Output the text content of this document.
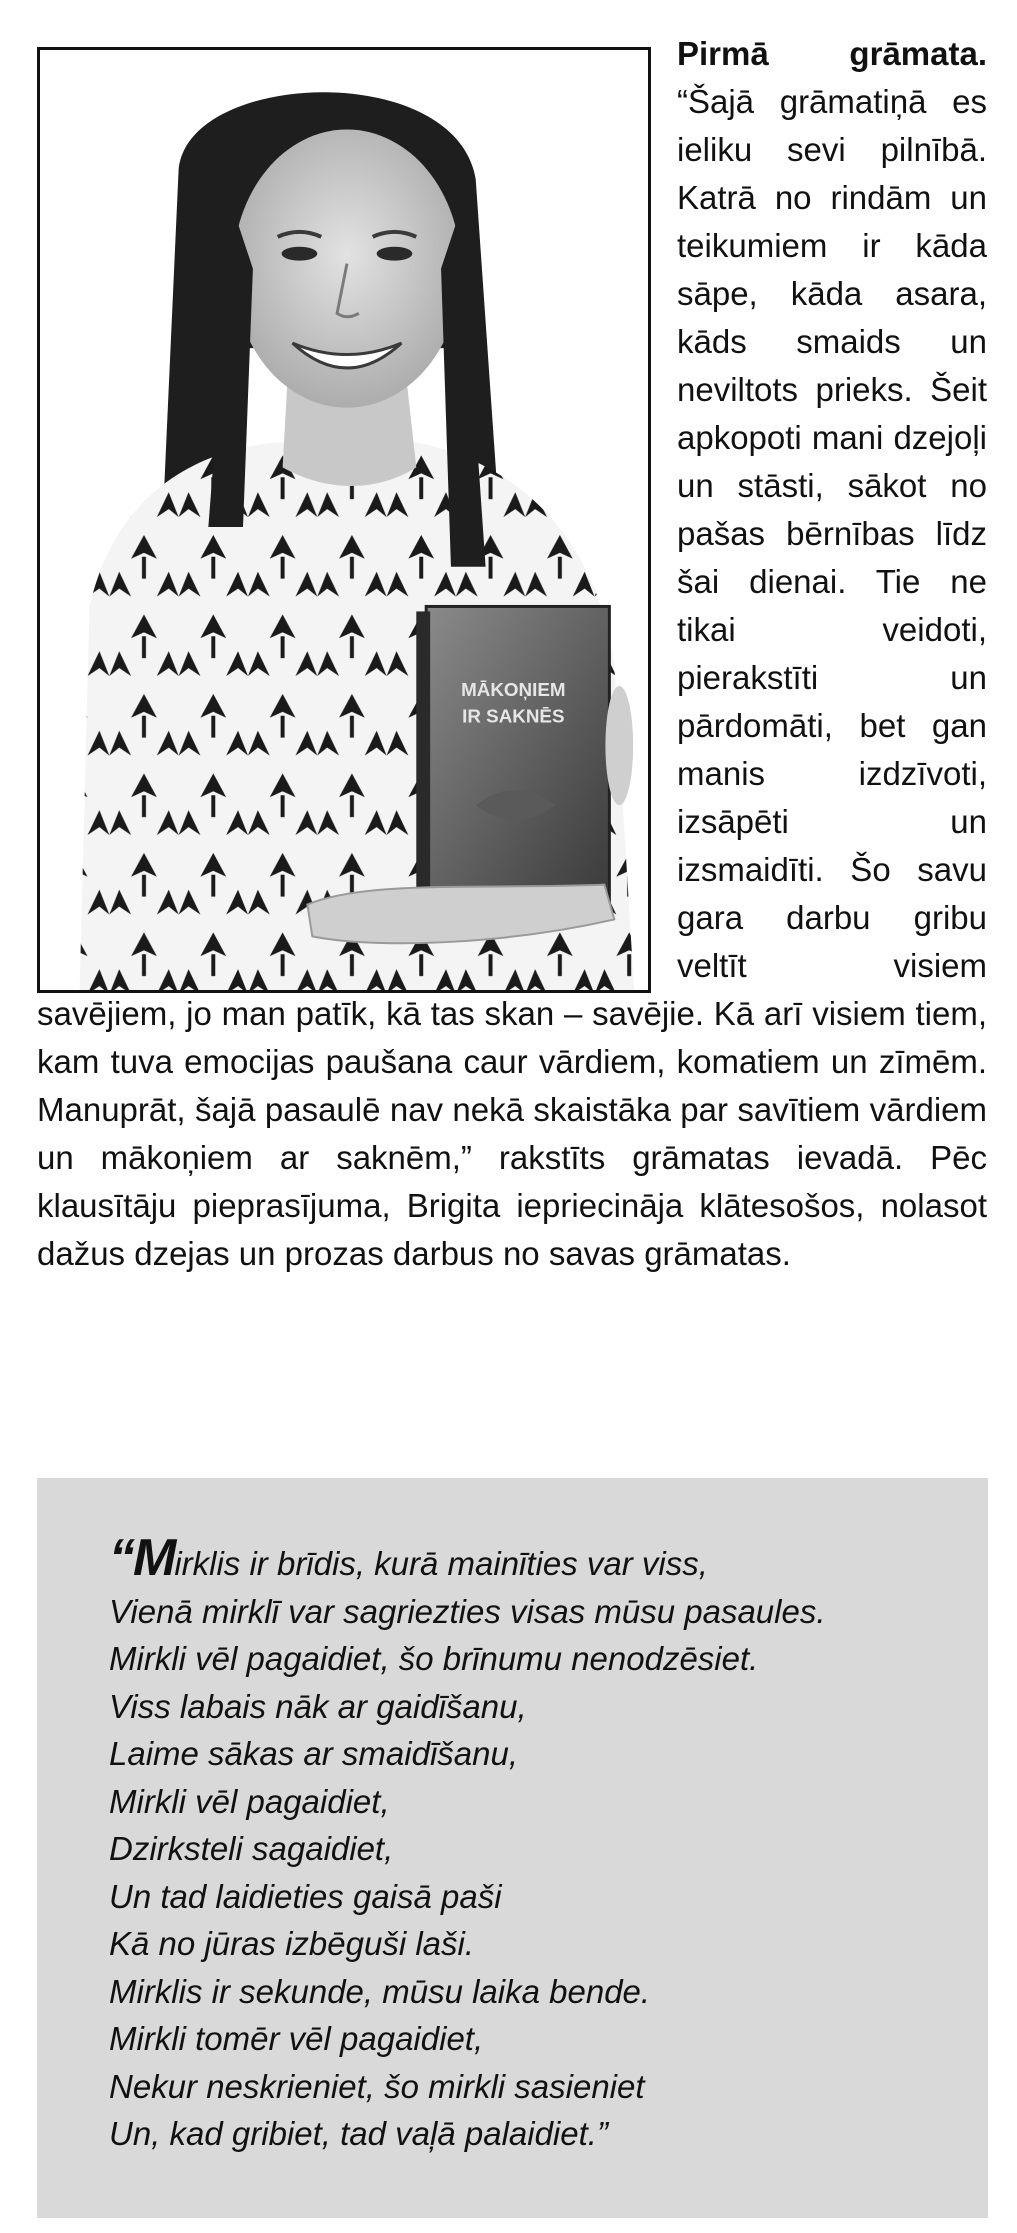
MĀKOŅIEM
IR SAKNĒS

Pirmā grāmata. “Šajā grāmatiņā es ieliku sevi pilnībā. Katrā no rindām un teikumiem ir kāda sāpe, kāda asara, kāds smaids un neviltots prieks. Šeit apkopoti mani dzejoļi un stāsti, sākot no pašas bērnības līdz šai dienai. Tie ne tikai veidoti, pierakstīti un pārdomāti, bet gan manis izdzīvoti, izsāpēti un izsmaidīti. Šo savu gara darbu gribu veltīt visiem savējiem, jo man patīk, kā tas skan – savējie. Kā arī visiem tiem, kam tuva emocijas paušana caur vārdiem, komatiem un zīmēm. Manuprāt, šajā pasaulē nav nekā skaistāka par savītiem vārdiem un mākoņiem ar saknēm,” rakstīts grāmatas ievadā. Pēc klausītāju pieprasījuma, Brigita iepriecināja klātesošos, nolasot dažus dzejas un prozas darbus no savas grāmatas.

“Mirklis ir brīdis, kurā mainīties var viss,
Vienā mirklī var sagriezties visas mūsu pasaules.
Mirkli vēl pagaidiet, šo brīnumu nenodzēsiet.
Viss labais nāk ar gaidīšanu,
Laime sākas ar smaidīšanu,
Mirkli vēl pagaidiet,
Dzirksteli sagaidiet,
Un tad laidieties gaisā paši
Kā no jūras izbēguši laši.
Mirklis ir sekunde, mūsu laika bende.
Mirkli tomēr vēl pagaidiet,
Nekur neskrieniet, šo mirkli sasieniet
Un, kad gribiet, tad vaļā palaidiet.”
